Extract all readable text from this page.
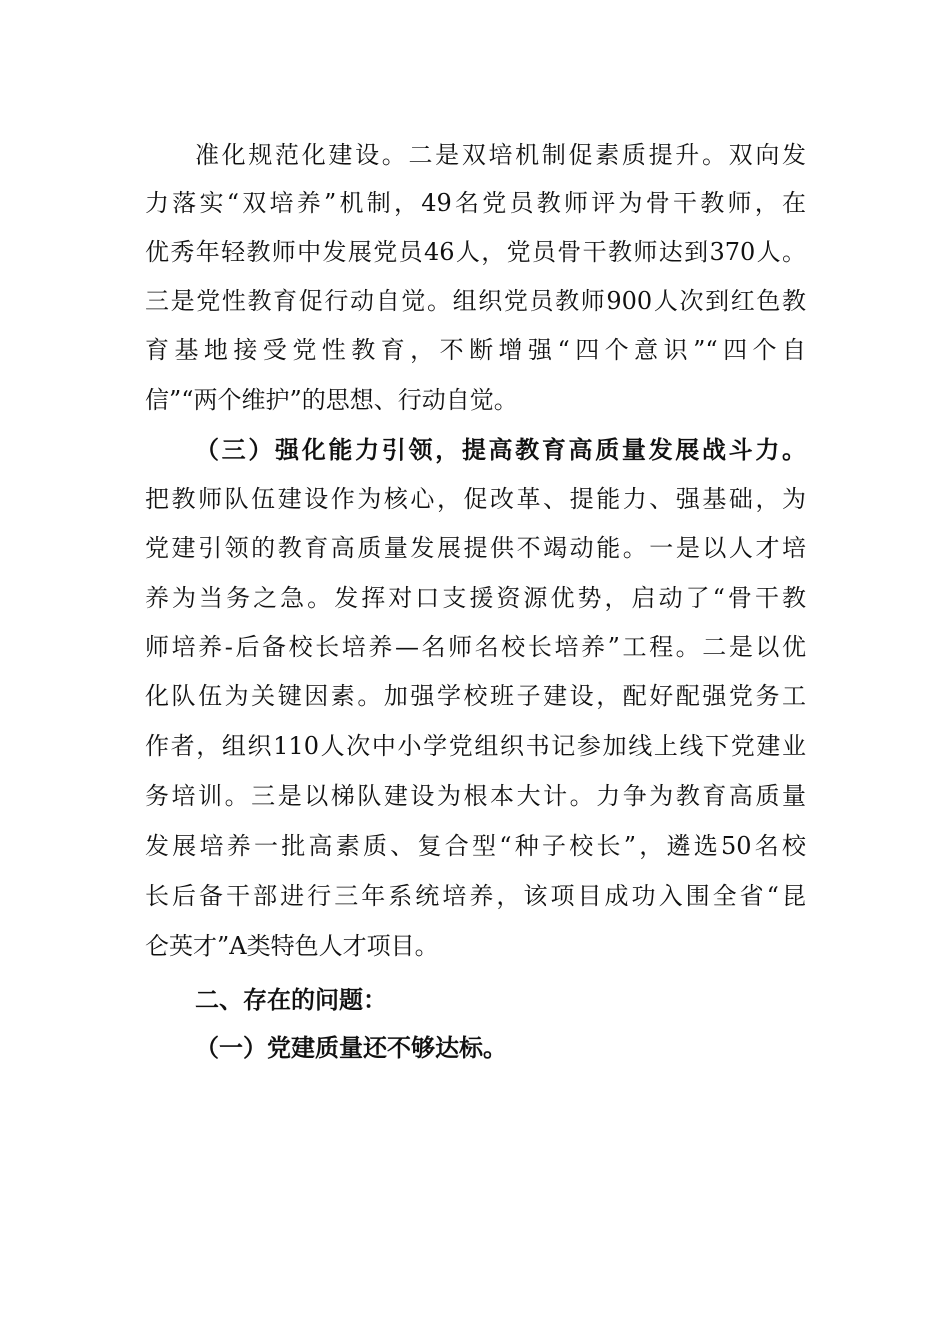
准化规范化建设。二是双培机制促素质提升。双向发
力落实“双培养”机制，49名党员教师评为骨干教师，在
优秀年轻教师中发展党员46人，党员骨干教师达到370人。
三是党性教育促行动自觉。组织党员教师900人次到红色教
育基地接受党性教育，不断增强“四个意识”“四个自
信”“两个维护”的思想、行动自觉。
（三）强化能力引领，提高教育高质量发展战斗力。
把教师队伍建设作为核心，促改革、提能力、强基础，为
党建引领的教育高质量发展提供不竭动能。一是以人才培
养为当务之急。发挥对口支援资源优势，启动了“骨干教
师培养-后备校长培养—名师名校长培养”工程。二是以优
化队伍为关键因素。加强学校班子建设，配好配强党务工
作者，组织110人次中小学党组织书记参加线上线下党建业
务培训。三是以梯队建设为根本大计。力争为教育高质量
发展培养一批高素质、复合型“种子校长”，遴选50名校
长后备干部进行三年系统培养，该项目成功入围全省“昆
仑英才”A类特色人才项目。
二、存在的问题：
（一）党建质量还不够达标。
